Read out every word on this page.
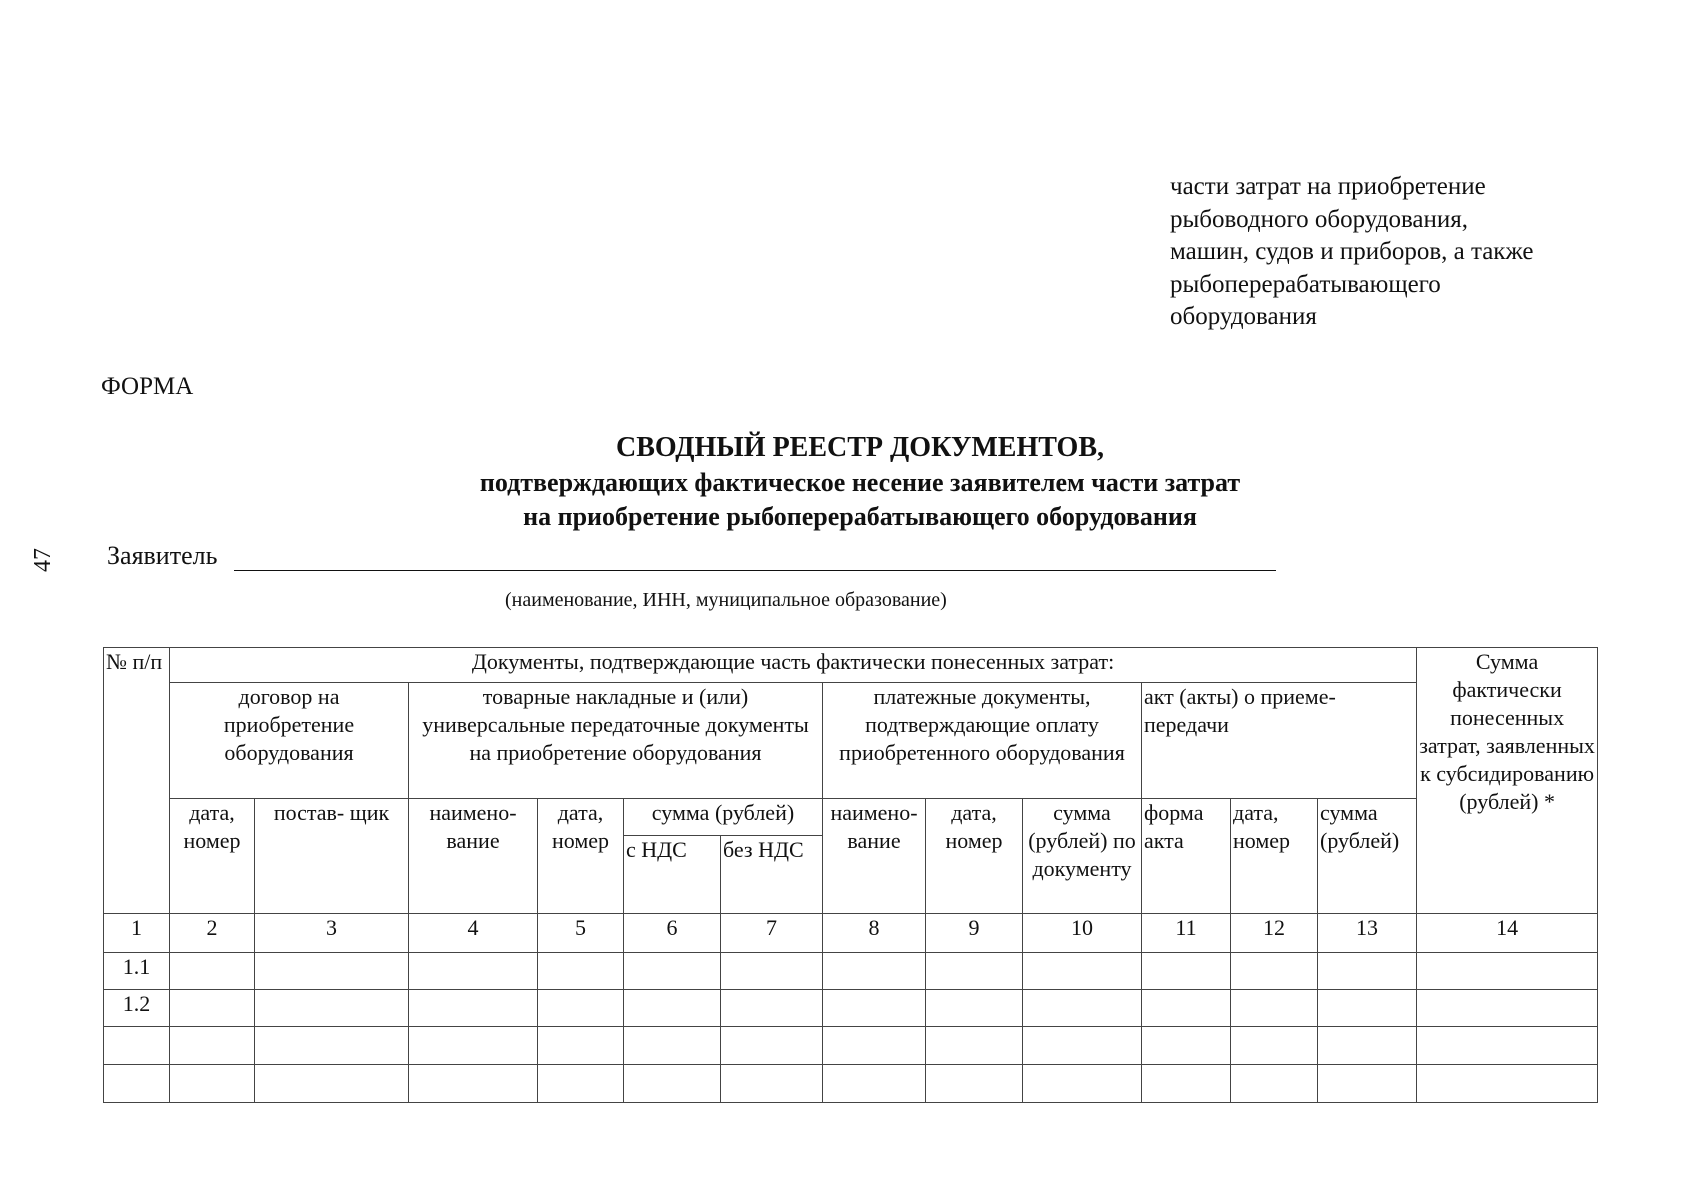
47
части затрат на приобретение
рыбоводного оборудования,
машин, судов и приборов, а также
рыбоперерабатывающего
оборудования
ФОРМА
СВОДНЫЙ РЕЕСТР ДОКУМЕНТОВ,
подтверждающих фактическое несение заявителем части затрат
на приобретение рыбоперерабатывающего оборудования
Заявитель
(наименование, ИНН, муниципальное образование)
№ п/п	Документы, подтверждающие часть фактически понесенных затрат:												Сумма фактически понесенных затрат, заявленных к субсидированию (рублей) *
	договор на приобретение оборудования		товарные накладные и (или) универсальные передаточные документы на приобретение оборудования				платежные документы, подтверждающие оплату приобретенного оборудования			акт (акты) о приеме-передачи			
	дата, номер	постав- щик	наимено- вание	дата, номер	сумма (рублей)		наимено- вание	дата, номер	сумма (рублей) по документу	форма акта	дата, номер	сумма (рублей)	
					с НДС	без НДС							
1	2	3	4	5	6	7	8	9	10	11	12	13	14
1.1													
1.2													
